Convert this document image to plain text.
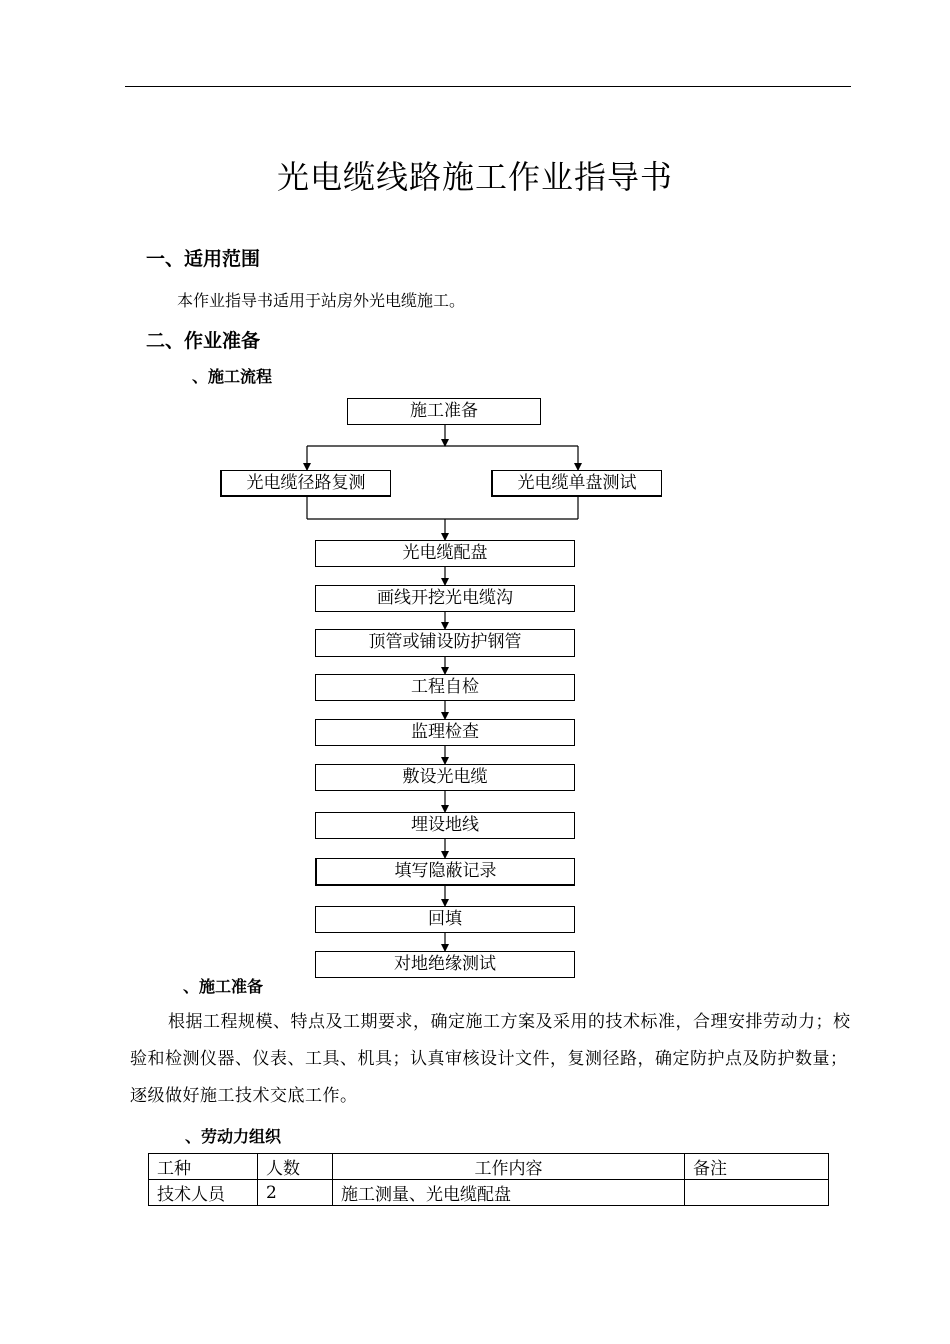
光电缆线路施工作业指导书
一、适用范围
本作业指导书适用于站房外光电缆施工。
二、作业准备
、施工流程
施工准备
光电缆径路复测	光电缆单盘测试
光电缆配盘
画线开挖光电缆沟
顶管或铺设防护钢管
工程自检
监理检查
敷设光电缆
埋设地线
填写隐蔽记录
回填
对地绝缘测试
、施工准备
根据工程规模、特点及工期要求，确定施工方案及采用的技术标准，合理安排劳动力；校验和检测仪器、仪表、工具、机具；认真审核设计文件，复测径路，确定防护点及防护数量；逐级做好施工技术交底工作。
、劳动力组织
工种	人数	工作内容	备注
技术人员	2	施工测量、光电缆配盘	
